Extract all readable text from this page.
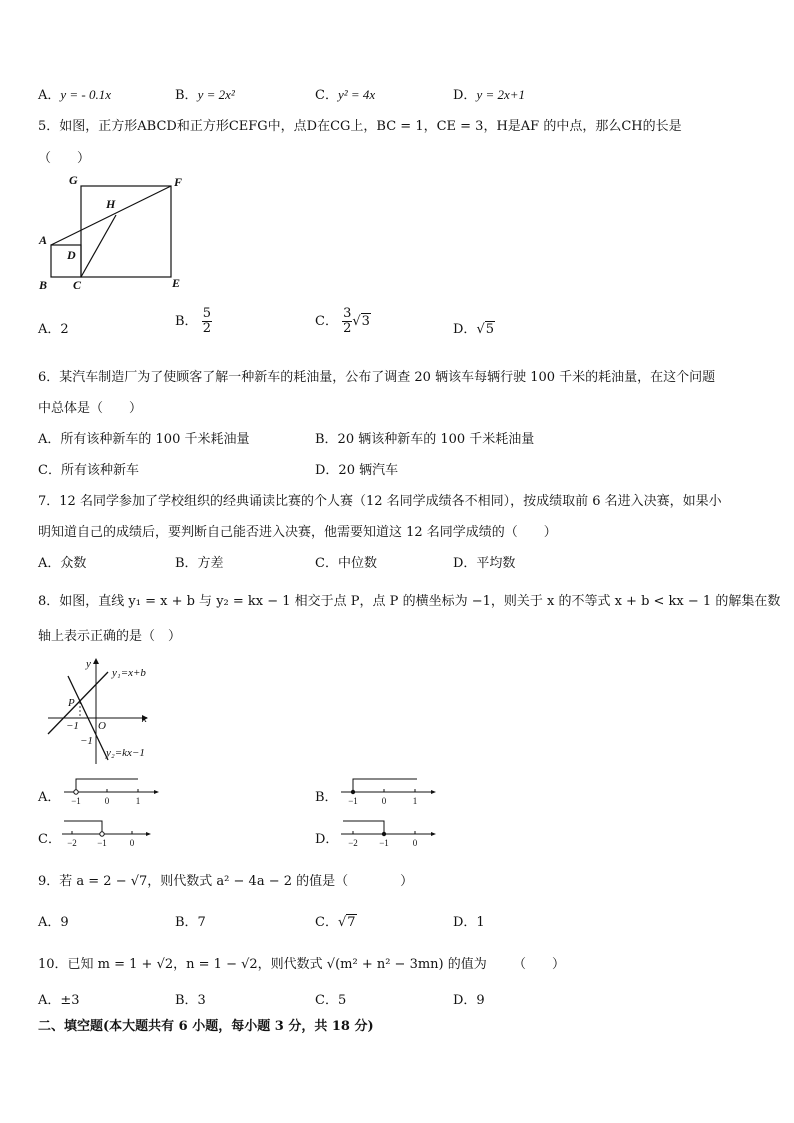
A．y = - 0.1x	B．y = 2x²	C．y² = 4x	D．y = 2x+1
5．如图，正方形ABCD和正方形CEFG中，点D在CG上，BC = 1，CE = 3，H是AF 的中点，那么CH的长是
（　　）
G	F
H
A
D
B C	E
A．2
B． $\frac{5}{2}$	C． $\frac{3}{2} √3$
D．√5
6．某汽车制造厂为了使顾客了解一种新车的耗油量，公布了调查 20 辆该车每辆行驶 100 千米的耗油量，在这个问题
中总体是（　　）
A．所有该种新车的 100 千米耗油量	B．20 辆该种新车的 100 千米耗油量
C．所有该种新车	D．20 辆汽车
7．12 名同学参加了学校组织的经典诵读比赛的个人赛（12 名同学成绩各不相同），按成绩取前 6 名进入决赛，如果小
明知道自己的成绩后，要判断自己能否进入决赛，他需要知道这 12 名同学成绩的（　　）
A．众数	B．方差	C．中位数	D．平均数
8．如图，直线 y₁ = x + b 与 y₂ = kx − 1 相交于点 P，点 P 的横坐标为 −1，则关于 x 的不等式 x + b < kx − 1 的解集在数
轴上表示正确的是（　）
y
y₁=x+b
P
O
x
−1
−1
y₂=kx−1
A． −1	0	1	B． −1	0	1
C． −2 −1	0	D． −2 −1	0
9．若 a = 2 − √7，则代数式 a² − 4a − 2 的值是（　　　　）
A．9	B．7	C．√7	D．1
10．已知 m = 1 + √2，n = 1 − √2，则代数式 √(m² + n² − 3mn) 的值为 （　　）
A．±3	B．3	C．5	D．9
二、填空题(本大题共有 6 小题，每小题 3 分，共 18 分)
